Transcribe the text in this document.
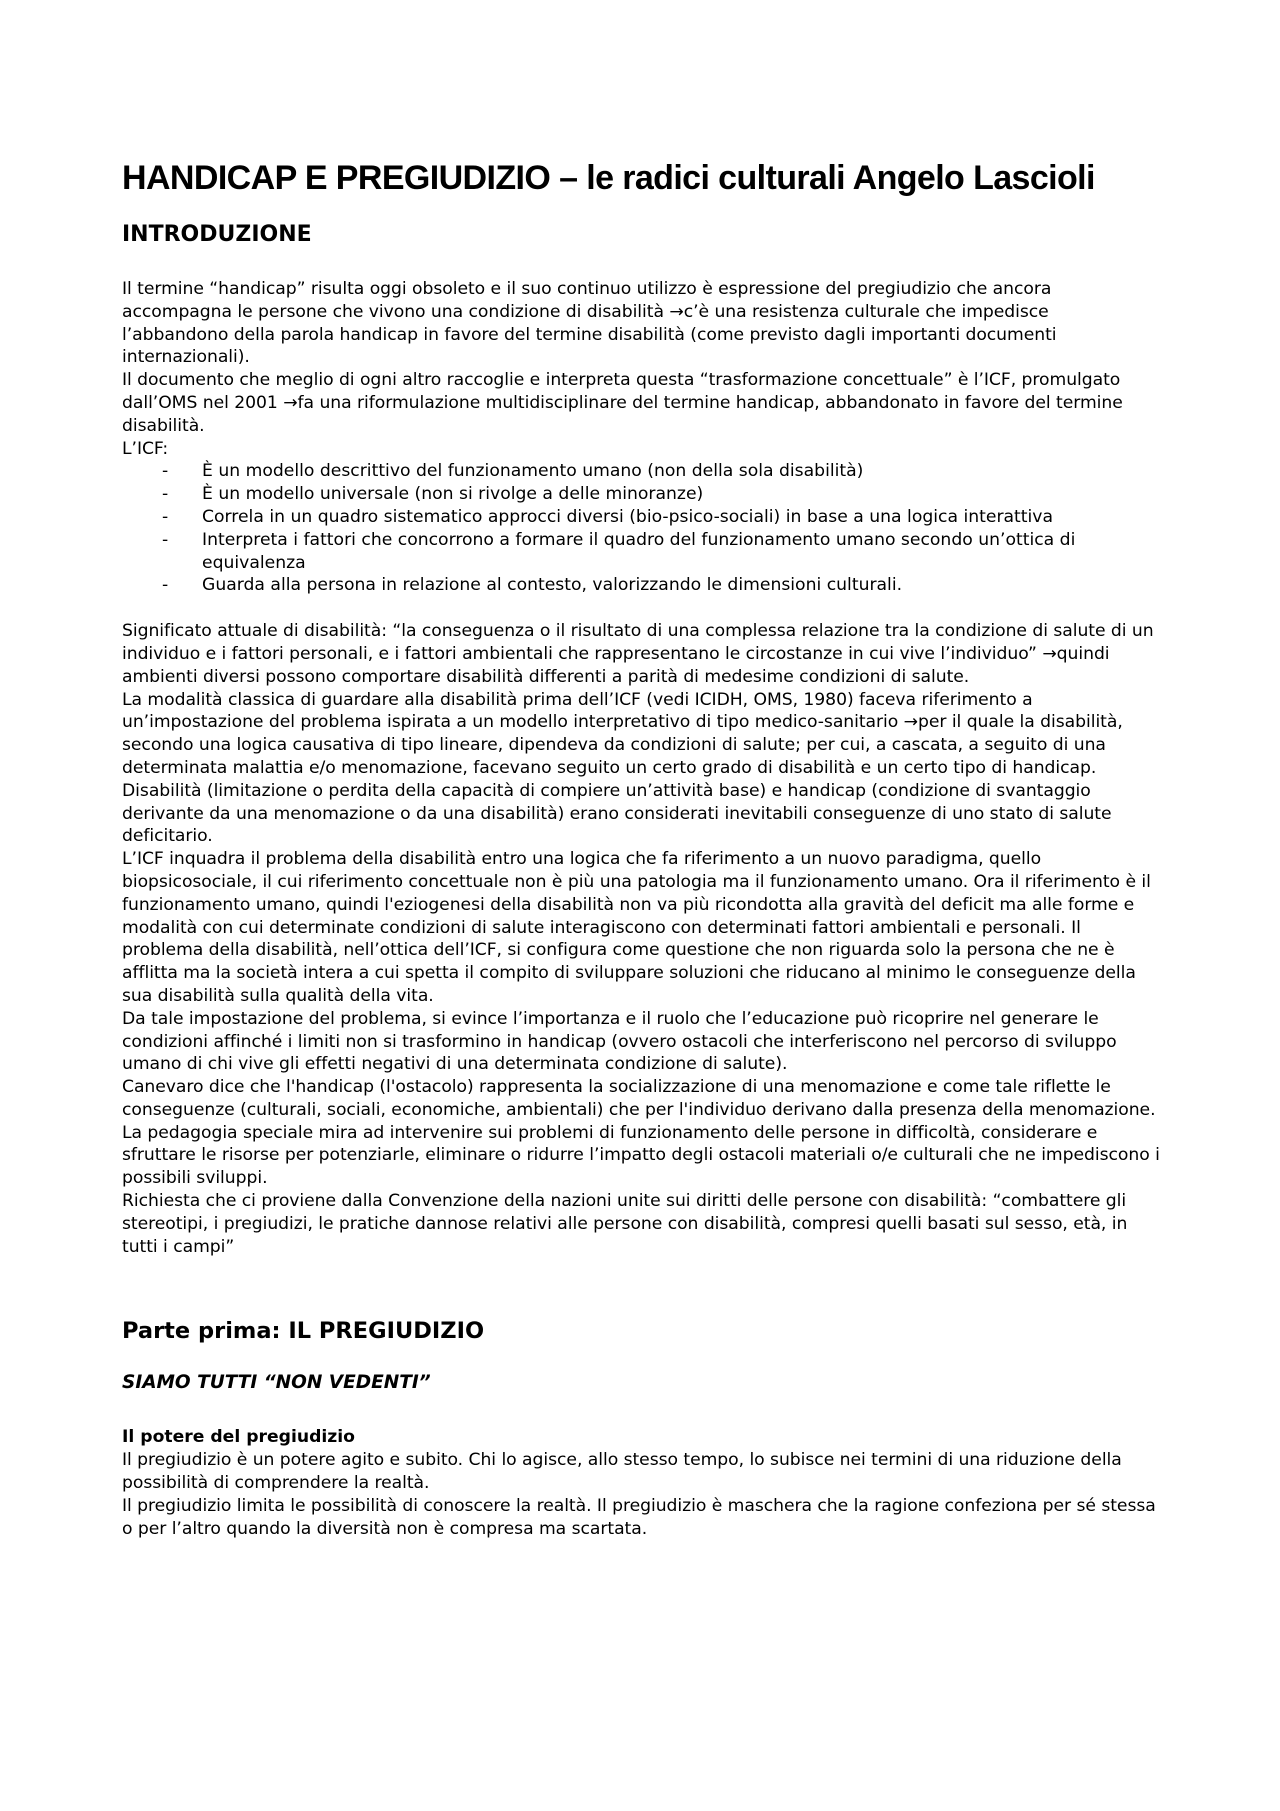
HANDICAP E PREGIUDIZIO – le radici culturali Angelo Lascioli
INTRODUZIONE

Il termine “handicap” risulta oggi obsoleto e il suo continuo utilizzo è espressione del pregiudizio che ancora accompagna le persone che vivono una condizione di disabilità →c’è una resistenza culturale che impedisce l’abbandono della parola handicap in favore del termine disabilità (come previsto dagli importanti documenti internazionali).

Il documento che meglio di ogni altro raccoglie e interpreta questa “trasformazione concettuale” è l’ICF, promulgato dall’OMS nel 2001 →fa una riformulazione multidisciplinare del termine handicap, abbandonato in favore del termine disabilità.

L’ICF:

- È un modello descrittivo del funzionamento umano (non della sola disabilità)
- È un modello universale (non si rivolge a delle minoranze)
- Correla in un quadro sistematico approcci diversi (bio-psico-sociali) in base a una logica interattiva
- Interpreta i fattori che concorrono a formare il quadro del funzionamento umano secondo un’ottica di equivalenza
- Guarda alla persona in relazione al contesto, valorizzando le dimensioni culturali.

Significato attuale di disabilità: “la conseguenza o il risultato di una complessa relazione tra la condizione di salute di un individuo e i fattori personali, e i fattori ambientali che rappresentano le circostanze in cui vive l’individuo” →quindi ambienti diversi possono comportare disabilità differenti a parità di medesime condizioni di salute.

La modalità classica di guardare alla disabilità prima dell’ICF (vedi ICIDH, OMS, 1980) faceva riferimento a un’impostazione del problema ispirata a un modello interpretativo di tipo medico-sanitario →per il quale la disabilità, secondo una logica causativa di tipo lineare, dipendeva da condizioni di salute; per cui, a cascata, a seguito di una determinata malattia e/o menomazione, facevano seguito un certo grado di disabilità e un certo tipo di handicap. Disabilità (limitazione o perdita della capacità di compiere un’attività base) e handicap (condizione di svantaggio derivante da una menomazione o da una disabilità) erano considerati inevitabili conseguenze di uno stato di salute deficitario.

L’ICF inquadra il problema della disabilità entro una logica che fa riferimento a un nuovo paradigma, quello biopsicosociale, il cui riferimento concettuale non è più una patologia ma il funzionamento umano. Ora il riferimento è il funzionamento umano, quindi l'eziogenesi della disabilità non va più ricondotta alla gravità del deficit ma alle forme e modalità con cui determinate condizioni di salute interagiscono con determinati fattori ambientali e personali. Il problema della disabilità, nell’ottica dell’ICF, si configura come questione che non riguarda solo la persona che ne è afflitta ma la società intera a cui spetta il compito di sviluppare soluzioni che riducano al minimo le conseguenze della sua disabilità sulla qualità della vita.

Da tale impostazione del problema, si evince l’importanza e il ruolo che l’educazione può ricoprire nel generare le condizioni affinché i limiti non si trasformino in handicap (ovvero ostacoli che interferiscono nel percorso di sviluppo umano di chi vive gli effetti negativi di una determinata condizione di salute).

Canevaro dice che l'handicap (l'ostacolo) rappresenta la socializzazione di una menomazione e come tale riflette le conseguenze (culturali, sociali, economiche, ambientali) che per l'individuo derivano dalla presenza della menomazione.

La pedagogia speciale mira ad intervenire sui problemi di funzionamento delle persone in difficoltà, considerare e sfruttare le risorse per potenziarle, eliminare o ridurre l’impatto degli ostacoli materiali o/e culturali che ne impediscono i possibili sviluppi.

Richiesta che ci proviene dalla Convenzione della nazioni unite sui diritti delle persone con disabilità: “combattere gli stereotipi, i pregiudizi, le pratiche dannose relativi alle persone con disabilità, compresi quelli basati sul sesso, età, in tutti i campi”

Parte prima: IL PREGIUDIZIO
SIAMO TUTTI “NON VEDENTI”
Il potere del pregiudizio

Il pregiudizio è un potere agito e subito. Chi lo agisce, allo stesso tempo, lo subisce nei termini di una riduzione della possibilità di comprendere la realtà.

Il pregiudizio limita le possibilità di conoscere la realtà. Il pregiudizio è maschera che la ragione confeziona per sé stessa o per l’altro quando la diversità non è compresa ma scartata.
